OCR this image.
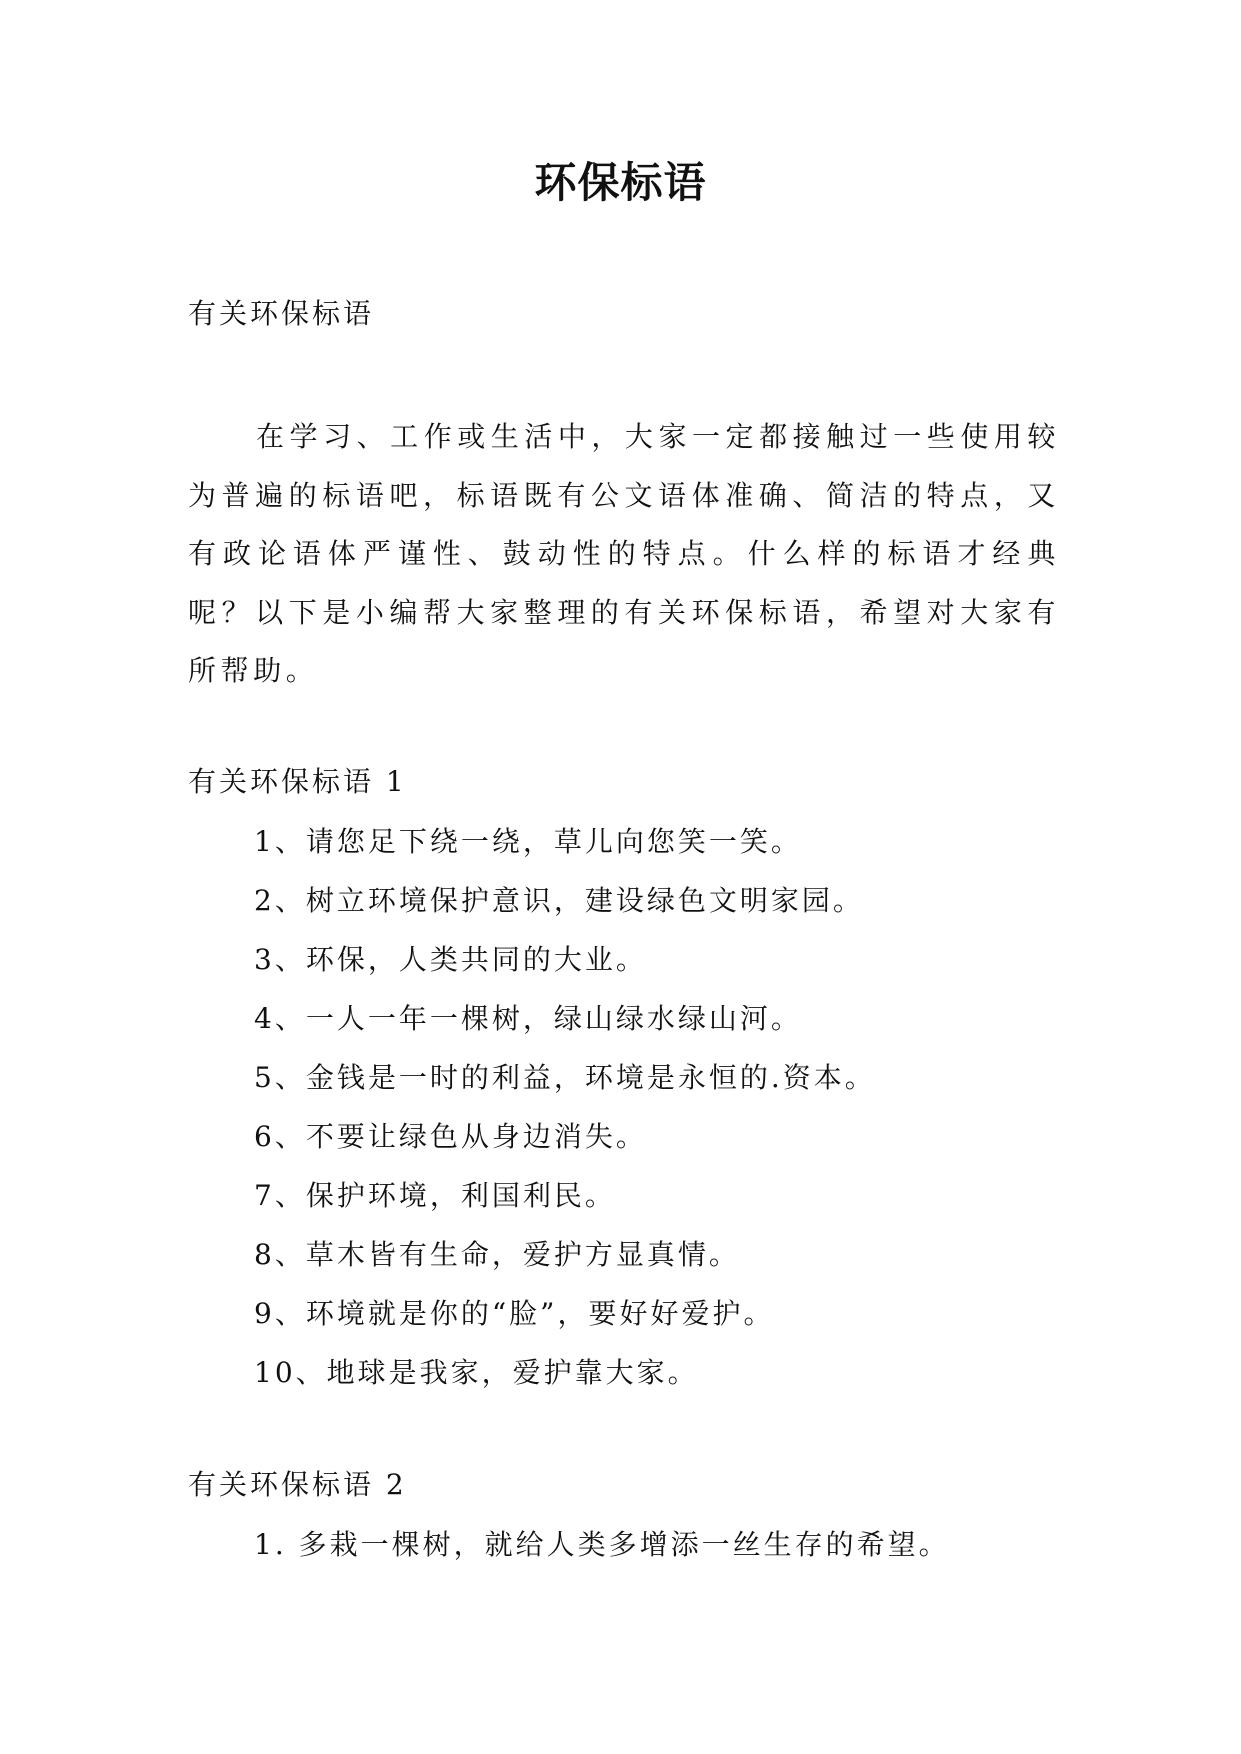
环保标语
有关环保标语

在学习、工作或生活中，大家一定都接触过一些使用较为普遍的标语吧，标语既有公文语体准确、简洁的特点，又有政论语体严谨性、鼓动性的特点。什么样的标语才经典呢？以下是小编帮大家整理的有关环保标语，希望对大家有所帮助。

有关环保标语 1
1、请您足下绕一绕，草儿向您笑一笑。
2、树立环境保护意识，建设绿色文明家园。
3、环保，人类共同的大业。
4、一人一年一棵树，绿山绿水绿山河。
5、金钱是一时的利益，环境是永恒的.资本。
6、不要让绿色从身边消失。
7、保护环境，利国利民。
8、草木皆有生命，爱护方显真情。
9、环境就是你的“脸”，要好好爱护。
10、地球是我家，爱护靠大家。
有关环保标语 2
1. 多栽一棵树，就给人类多增添一丝生存的希望。
